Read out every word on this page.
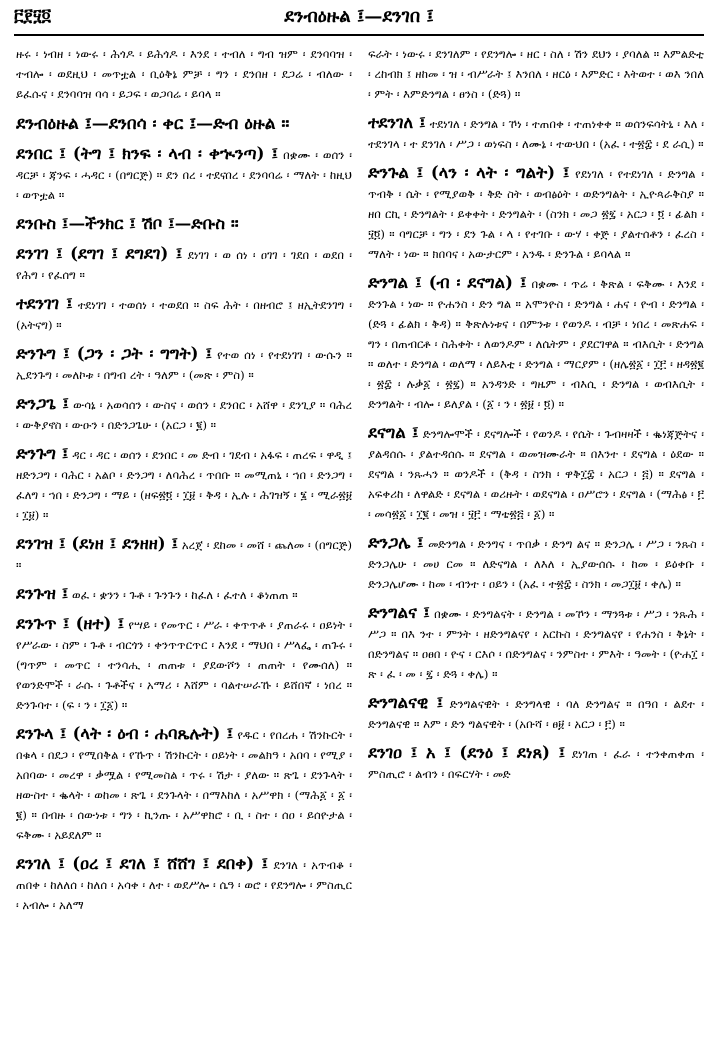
፫፻፶፬	ደንብዕዙል ፤—ደንገበ ፤
ዙሩ ፡ ነብዘ ፡ ነውሩ ፡ ሕጎዶ ፡ ይሕጎዶ ፡ እንደ ፡ ተብለ ፡ ግብ ዝም ፡ ደንባባዝ ፡ ተብሎ ፡ ወደዚህ ፡ መጥቷል ፡ ቢዕቅኔ ምቻ ፡ ግን ፡ ደንበዘ ፡ ደጋሬ ፡ ብለው ፡ ይፈሱና ፡ ደንባባዝ ባሳ ፡ ይጋፍ ፡ ወጋባሬ ፡ ይባላ ።
ደንብዕዙል ፤—ደንበሳ ፡ ቀር ፤—ድብ ዕዙል ።
ደንበር ፤ (ትግ ፤ ክንፍ ፡ ላብ ፡ ቀኊንጣ) ፤ በቋሙ ፡ ወሰን ፡ ዳርቻ ፡ ጃንፍ ፡ ሓዳር ፡ (በግርጅ) ። ደን በረ ፡ ተደናበረ ፡ ደንባባሬ ፡ ማለት ፡ ከዚህ ፡ ወጥቷል ።
ደንቡስ ፤—ችንክር ፤ ሽቦ ፤—ድቡስ ።
ደንገገ ፤ (ደግገ ፤ ደግደገ) ፤ ደነገገ ፡ ወ ሰነ ፡ ዐገገ ፡ ገደበ ፡ ወደበ ፡ የሕግ ፡ የፈሰግ ።
ተደንገገ ፤ ተደነገገ ፡ ተወሰነ ፡ ተወደበ ። ስፍ ሕት ፡ በዘብሮ ፤ ዘኢትደንገግ ፡ (አትናግ) ።
ድንጉግ ፤ (ጋን ፡ ጋት ፡ ግግት) ፤ የተወ ሰነ ፡ የተደነገገ ፡ ውሱን ። ኢደንጉግ ፡ መለኮቱ ፡ በግብ ረት ፡ ዓለም ፡ (መጽ ፡ ምስ) ።
ድንጋጌ ፤ ውሳኔ ፡ አወሳሰን ፡ ውስና ፡ ወሰን ፡ ደንበር ፡ አሸዋ ፡ ደንጊያ ። ባሕረ ፡ ውቅያኖስ ፡ ውዑን ፡ በድንጋጌሁ ፡ (አርጋ ፡ ፪) ።
ድንጉግ ፤ ዳር ፡ ዳር ፡ ወሰን ፡ ደንበር ፡ መ ድብ ፡ ገደብ ፡ አፋፍ ፡ ጠረፍ ፡ ዋዲ ፤ ዘድንጋግ ፡ ባሕር ፡ አልቦ ፡ ድንጋግ ፡ ለባሕረ ፡ ጥበቡ ። መሚጠኒ ፡ ኀበ ፡ ድንጋግ ፡ ፈለግ ፡ ኀበ ፡ ድንጋግ ፡ ማይ ፡ (ዘፍ፳፬ ፡ ፲፱ ፡ ቅዳ ፡ ኢሉ ፡ ሕገዝኝ ፡ ፮ ፡ ሚራ፳፱ ፡ ፲፱) ።
ደንገዝ ፤ (ደነዘ ፤ ደንዘዘ) ፤ አረጀ ፡ ደከመ ፡ መሸ ፡ ጨለመ ፡ (በግርጅ) ።
ደንጉዝ ፤ ወፈ ፡ ቋንን ፡ ጉቶ ፡ ጉንጉን ፡ ከፈለ ፡ ፈተለ ፡ ቆነጠጠ ።
ደንጉጥ ፤ (ዘተ) ፤ የሣይ ፡ የመጥር ፡ ሥራ ፡ ቀጥጥቶ ፡ ያጠራሩ ፡ ዐይነት ፡ የሥራው ፡ ስም ፡ ጉቶ ፡ ብርጎን ፡ ቀንጥጥርጥር ፡ እንደ ፡ ማህበ ፡ ሥላፌ ፡ ጠጉሩ ፡ (ግጥም ፡ መጥር ፡ ተንሳሒ ፡ ጠጠቱ ፡ ያደውሾን ፡ ጠጠት ፡ የሙሰለ) ። የወንድሞች ፡ ራሱ ፡ ጉቶችና ፡ አማሪ ፡ እሸም ፡ ባልተሠራኹ ፡ ይሸበኛ ፡ ነበረ ። ድንጉባተ ፡ (ፍ ፡ ን ፡ ፲፩) ።
ደንጉላ ፤ (ላት ፡ ዕብ ፡ ሐባጼሉት) ፤ የዱር ፡ የበረሐ ፡ ሽንኩርት ፡ በቁላ ፡ በደጋ ፡ የሚበቅል ፡ የኹጥ ፡ ሽንኩርት ፡ ዐይነት ፡ መልክዓ ፡ አበባ ፡ የሚያ ፡ አበባው ፡ መረዋ ፡ ቃሟል ፡ የሚመስል ፡ ጥሩ ፡ ሽታ ፡ ያለው ። ጽጌ ፡ ደንጉላት ፡ ዘውስተ ፡ ቈላት ፡ ወከመ ፡ ጽጌ ፡ ደንጉላት ፡ በማእከለ ፡ አሥዋክ ፡ (ማሕ፩ ፡ ፩ ፡ ፪) ። በብዙ ፡ ሰውነቱ ፡ ግን ፡ ኪንጡ ፡ አሥዋክሮ ፡ ቢ ፡ ስተ ፡ ሰዐ ፡ ይሰዮታል ፡ ፍቅሙ ፡ አይደለም ።
ደንገለ ፤ (ዐረ ፤ ደገለ ፤ ሸሸገ ፤ ደበቀ) ፤ ደንገለ ፡ አጥብቆ ፡ ጠበቀ ፡ ከለለሰ ፡ ከለሰ ፡ አሳቀ ፡ ለተ ፡ ወደሥሎ ፡ ሴዓ ፡ ወሮ ፡ የደንግሎ ፡ ምስጢር ፡ አብሎ ፡ አለማ
ፍራት ፡ ነውሩ ፡ ደንገለም ፡ የደንግሎ ፡ ዘር ፡ ስለ ፡ ሽን ደህን ፡ ያባለል ። እምልድቲ ፡ ረከብክ ፤ ዘከመ ፡ ዝ ፡ ብሥራት ፤ እንበለ ፡ ዘርዕ ፡ እምድር ፡ እትወተ ፡ ወእ ንበለ ፡ ምት ፡ እምድንግል ፡ ፀንስ ፡ (ድጓ) ።
ተደንገለ ፤ ተደነገለ ፡ ድንግል ፡ ኾነ ፡ ተጠበቀ ፡ ተጠነቀቀ ። ወሰንፍሳትኒ ፡ እለ ፡ ተደንገላ ፡ ተ ደንገለ ፡ ሥጋ ፡ ወነፍስ ፡ ለሙኔ ፡ ተውህበ ፡ (አፈ ፡ ተ፳፰ ፡ ደ ራሲ) ።
ድንጉል ፤ (ላን ፡ ላት ፡ ግልት) ፤ የደነገለ ፡ የተደነገለ ፡ ድንግል ፡ ጥብቅ ፡ ሴት ፡ የሚያወቅ ፡ ቅድ ስት ፡ ወብፅዕት ፡ ወድንግልት ፡ ኢዮጳራቅስያ ። ዘበ ርኪ ፡ ድንግልት ፡ ይቀቀት ፡ ድንግልት ፡ (ስንክ ፡ መጋ ፳፯ ፡ አርጋ ፡ ፬ ፡ ፊልክ ፡ ፶፬) ። ባግርቻ ፡ ግን ፡ ደን ጉል ፡ ላ ፡ የተገቡ ፡ ውሃ ፡ ቀጅ ፡ ያልተሰቶን ፡ ፈረስ ፡ ማለት ፡ ነው ። ክበባና ፡ አውታርም ፡ አንዱ ፡ ድንጉል ፡ ይባላል ።
ድንግል ፤ (ብ ፡ ደናግል) ፤ በቋሙ ፡ ጥሬ ፡ ቅጽል ፡ ፍቅሙ ፡ እንደ ፡ ድንጉል ፡ ነው ። ዮሐንስ ፡ ድን ግል ። አሞንዮስ ፡ ድንግል ፡ ሐና ፡ ዮብ ፡ ድንግል ፡ (ድጓ ፡ ፊልክ ፡ ቅዳ) ። ቅጽሉነቱና ፡ በምንቱ ፡ የወንዶ ፡ ብቻ ፡ ነበረ ፡ መጽሐፍ ፡ ግን ፡ በጠብርቶ ፡ ስሕቀት ፡ ለወንዶም ፡ ለሴትም ፡ ያደርገዋል ። ብእሲት ፡ ድንግል ። ወለተ ፡ ድንግል ፡ ወለማ ፡ ለይእቲ ፡ ድንግል ፡ ማርያም ፡ (ዘሌ፳፩ ፡ ፲፫ ፡ ዘዳ፳፪ ፡ ፳፰ ፡ ሉቃ፩ ፡ ፳፯) ። አንዳንድ ፡ ግዜም ፡ ብእሲ ፡ ድንግል ፡ ወብእሲት ፡ ድንግልት ፡ ብሎ ፡ ይለያል ፡ (፩ ፡ ን ፡ ፳፱ ፡ ፬) ።
ደናግል ፤ ድንግሎሞች ፡ ደናግሎች ፡ የወንዶ ፡ የሴት ፡ ጉብዛዛች ፡ ቈነጃጅትና ፡ ያልዳሰሱ ፡ ያልተዳሰሱ ። ደናግል ፡ ወመዝሙራት ። በእንተ ፡ ደናግል ፡ ዕደው ። ደናግል ፡ ንጹሓን ። ወንዶች ፡ (ቅዳ ፡ ስንክ ፡ ዋቅ፲፰ ፡ አርጋ ፡ ፭) ። ደናግል ፡ አፍቀሪከ ፡ ለዋልድ ፡ ደናግል ፡ ወሪዙት ፡ ወደናግል ፡ ዐሥሮን ፡ ደናግል ፡ (ማሕፅ ፡ ፫ ፡ መሳ፳፩ ፡ ፲፪ ፡ መዝ ፡ ፶፫ ፡ ማቴ፳፭ ፡ ፩) ።
ድንጋሌ ፤ መድንግል ፡ ድንግና ፡ ጥበቃ ፡ ድንግ ልና ። ድንጋሌ ፡ ሥጋ ፡ ንጹስ ፡ ድንጋሌሁ ፡ መሀ ርመ ። ለድናግል ፡ ለእለ ፡ ኢያውሰሱ ፡ ከመ ፡ ይዕቀቡ ፡ ድንጋሌሆሙ ፡ ከመ ፡ ብንተ ፡ ዐይን ፡ (አፈ ፡ ተ፳፰ ፡ ስንክ ፡ መጋ፲፱ ፡ ቀሌ) ።
ድንግልና ፤ በቋሙ ፡ ድንግልናት ፡ ድንግል ፡ መኾን ፡ ማንጓቱ ፡ ሥጋ ፡ ንጹሕ ፡ ሥጋ ። በእ ንተ ፡ ምንት ፡ ዘድንግልናየ ፡ አርኩስ ፡ ድንግልናየ ፡ የሐንስ ፡ ቅኔት ፡ በድንግልና ። ዐፀበ ፡ ዮና ፡ ርእሶ ፡ በድንግልና ፡ ንምስተ ፡ ምእት ፡ ዓመት ፡ (ዮሐ፲ ፡ ጽ ፡ ፈ ፡ መ ፡ ፯ ፡ ድጓ ፡ ቀሌ) ።
ድንግልናዊ ፤ ድንግልናዊት ፡ ድንግላዊ ፡ ባለ ድንግልና ። በዓበ ፡ ልደተ ፡ ድንግልናዊ ። እም ፡ ድን ግልናዊት ፡ (አቡሻ ፡ ፀ፱ ፡ አርጋ ፡ ፫) ።
ደንገዐ ፤ አ ፤ (ደንዕ ፤ ደነጸ) ፤ ደነገጠ ፡ ፈራ ፡ ተንቀጠቀጠ ፡ ምስጢሮ ፡ ልብን ፡ በፍርሃት ፡ መድ
